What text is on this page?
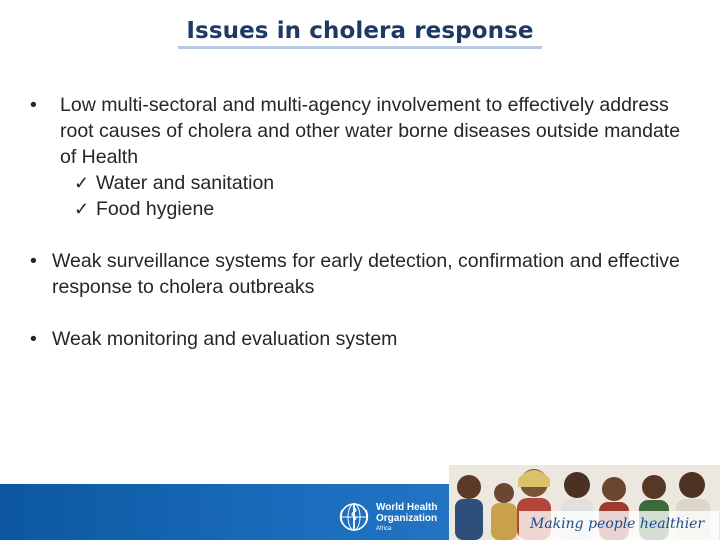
Issues in cholera response
• Low multi-sectoral and multi-agency involvement to effectively address root causes of cholera and other water borne diseases outside mandate of Health
✓ Water and sanitation
✓ Food hygiene
• Weak surveillance systems for early detection, confirmation and effective response to cholera outbreaks
• Weak monitoring and evaluation system
World Health
Organization
Africa	Making people healthier
